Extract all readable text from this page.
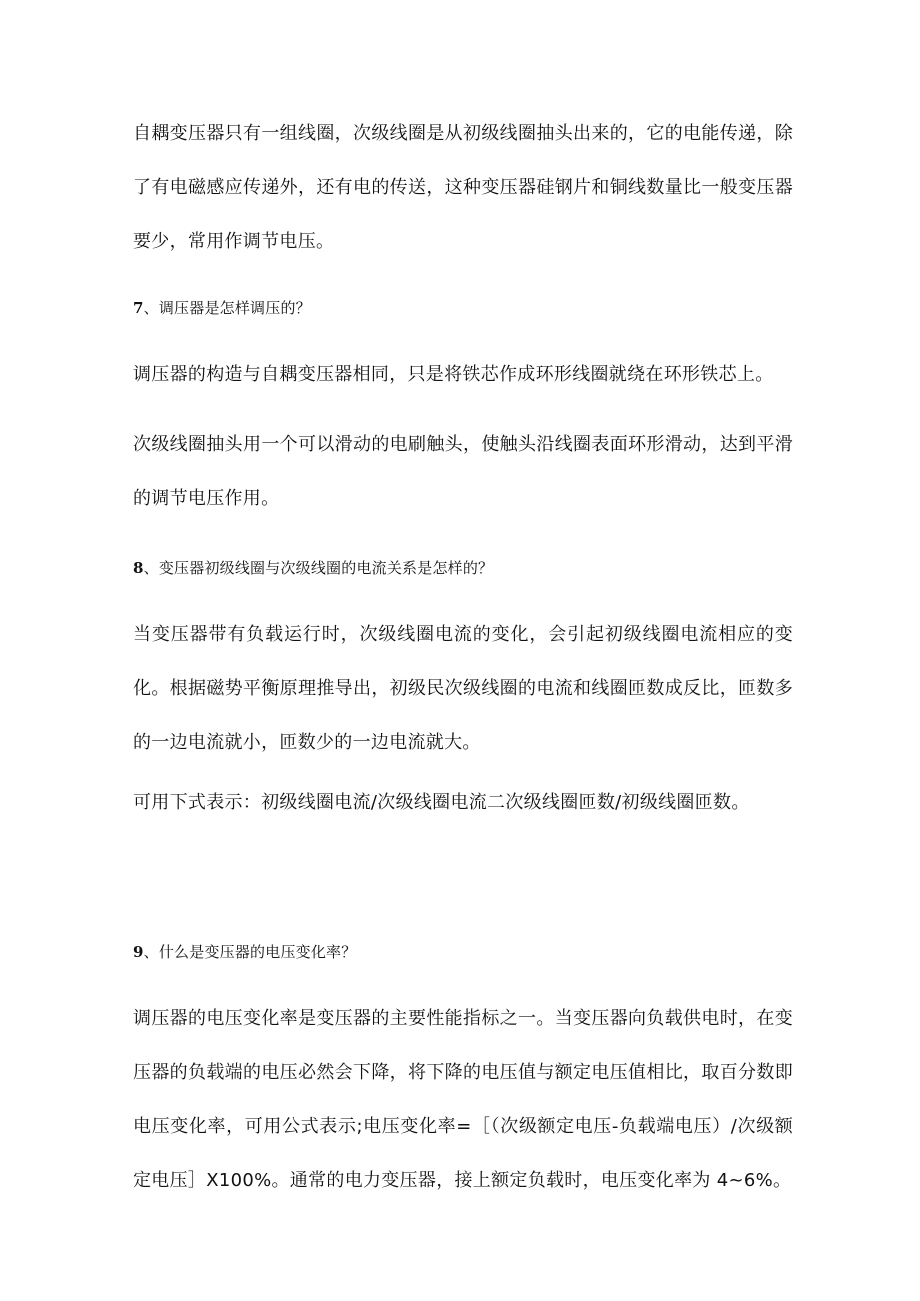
自耦变压器只有一组线圈，次级线圈是从初级线圈抽头出来的，它的电能传递，除了有电磁感应传递外，还有电的传送，这种变压器硅钢片和铜线数量比一般变压器要少，常用作调节电压。

7、调压器是怎样调压的？

调压器的构造与自耦变压器相同，只是将铁芯作成环形线圈就绕在环形铁芯上。

次级线圈抽头用一个可以滑动的电刷触头，使触头沿线圈表面环形滑动，达到平滑的调节电压作用。

8、变压器初级线圈与次级线圈的电流关系是怎样的？

当变压器带有负载运行时，次级线圈电流的变化，会引起初级线圈电流相应的变化。根据磁势平衡原理推导出，初级民次级线圈的电流和线圈匝数成反比，匝数多的一边电流就小，匝数少的一边电流就大。

可用下式表示：初级线圈电流/次级线圈电流二次级线圈匝数/初级线圈匝数。

9、什么是变压器的电压变化率？

调压器的电压变化率是变压器的主要性能指标之一。当变压器向负载供电时，在变压器的负载端的电压必然会下降，将下降的电压值与额定电压值相比，取百分数即电压变化率，可用公式表示;电压变化率=［（次级额定电压-负载端电压）/次级额定电压］X100%。通常的电力变压器，接上额定负载时，电压变化率为 4~6%。
